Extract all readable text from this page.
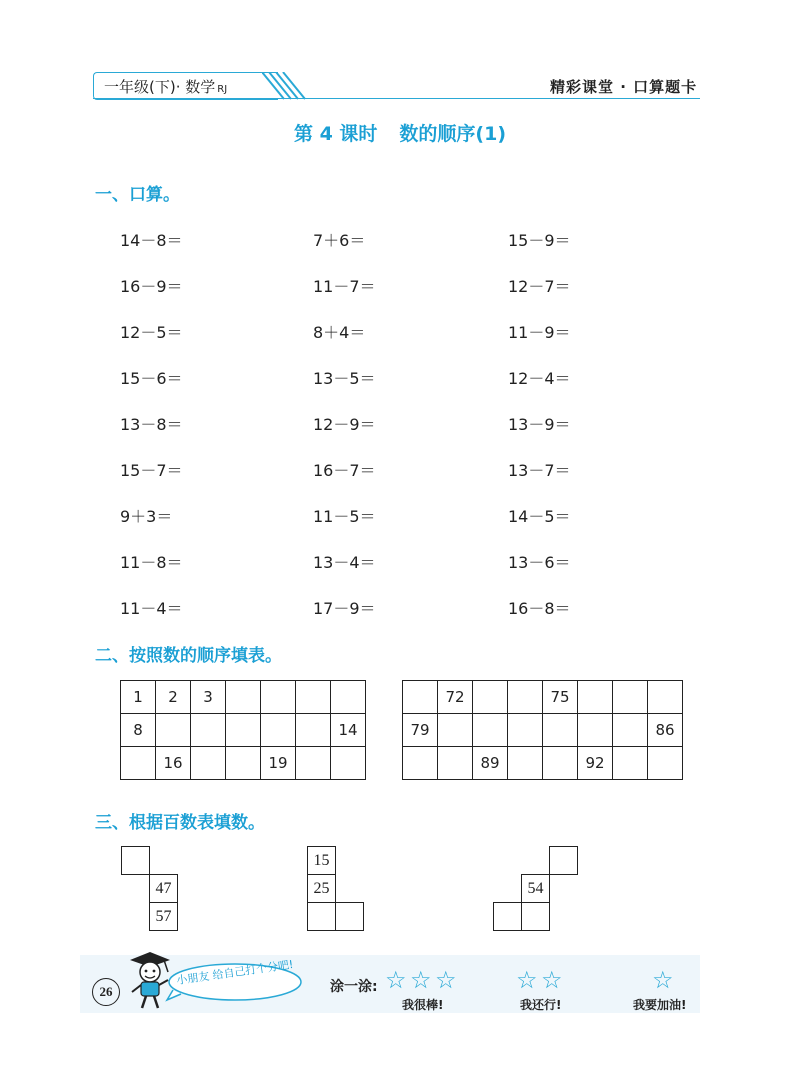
一年级(下)· 数学 RJ	精彩课堂 · 口算题卡
第 4 课时 数的顺序(1)
一、口算。
14－8＝	7＋6＝	15－9＝
16－9＝	11－7＝	12－7＝
12－5＝	8＋4＝	11－9＝
15－6＝	13－5＝	12－4＝
13－8＝	12－9＝	13－9＝
15－7＝	16－7＝	13－7＝
9＋3＝	11－5＝	14－5＝
11－8＝	13－4＝	13－6＝
11－4＝	17－9＝	16－8＝
二、按照数的顺序填表。
1	2	3				
8						14
	16			19		
	72			75			
79							86
		89			92		
三、根据百数表填数。
47
57
15
25	54
26
小朋友 给自己打个分吧!	涂一涂: ☆ ☆ ☆
我很棒!
☆ ☆
我还行!
☆
我要加油!
